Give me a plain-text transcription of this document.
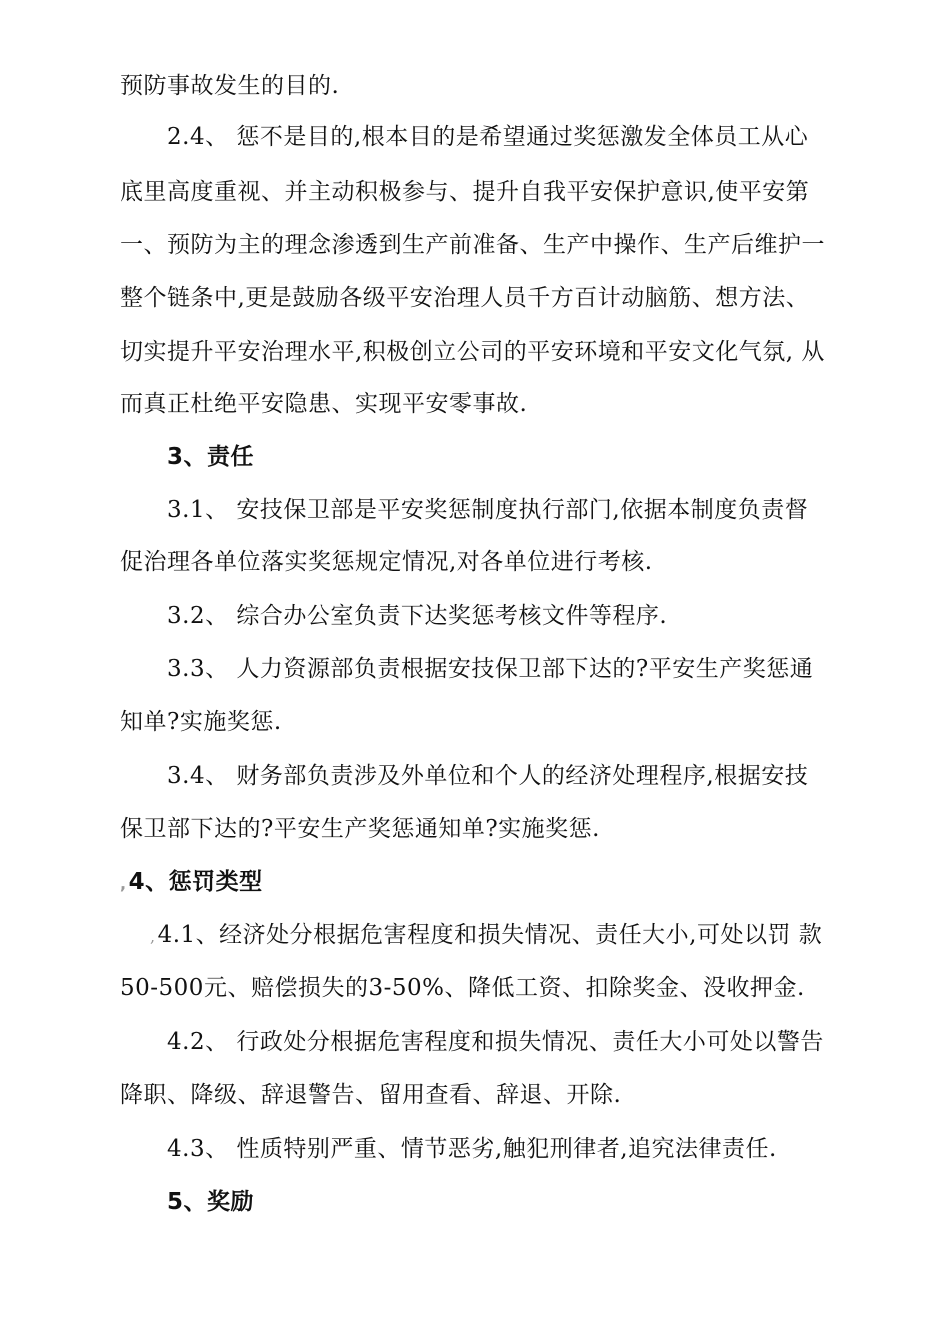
预防事故发生的目的.
2.4、 惩不是目的,根本目的是希望通过奖惩激发全体员工从心
底里高度重视、并主动积极参与、提升自我平安保护意识,使平安第
一、预防为主的理念渗透到生产前准备、生产中操作、生产后维护一
整个链条中,更是鼓励各级平安治理人员千方百计动脑筋、想方法、
切实提升平安治理水平,积极创立公司的平安环境和平安文化气氛, 从
而真正杜绝平安隐患、实现平安零事故.
3、责任
3.1、 安技保卫部是平安奖惩制度执行部门,依据本制度负责督
促治理各单位落实奖惩规定情况,对各单位进行考核.
3.2、 综合办公室负责下达奖惩考核文件等程序.
3.3、 人力资源部负责根据安技保卫部下达的?平安生产奖惩通
知单?实施奖惩.
3.4、 财务部负责涉及外单位和个人的经济处理程序,根据安技
保卫部下达的?平安生产奖惩通知单?实施奖惩.
,4、惩罚类型
,4.1、经济处分根据危害程度和损失情况、责任大小,可处以罚 款
50-500元、赔偿损失的3-50%、降低工资、扣除奖金、没收押金.
4.2、 行政处分根据危害程度和损失情况、责任大小可处以警告
降职、降级、辞退警告、留用查看、辞退、开除.
4.3、 性质特别严重、情节恶劣,触犯刑律者,追究法律责任.
5、奖励
